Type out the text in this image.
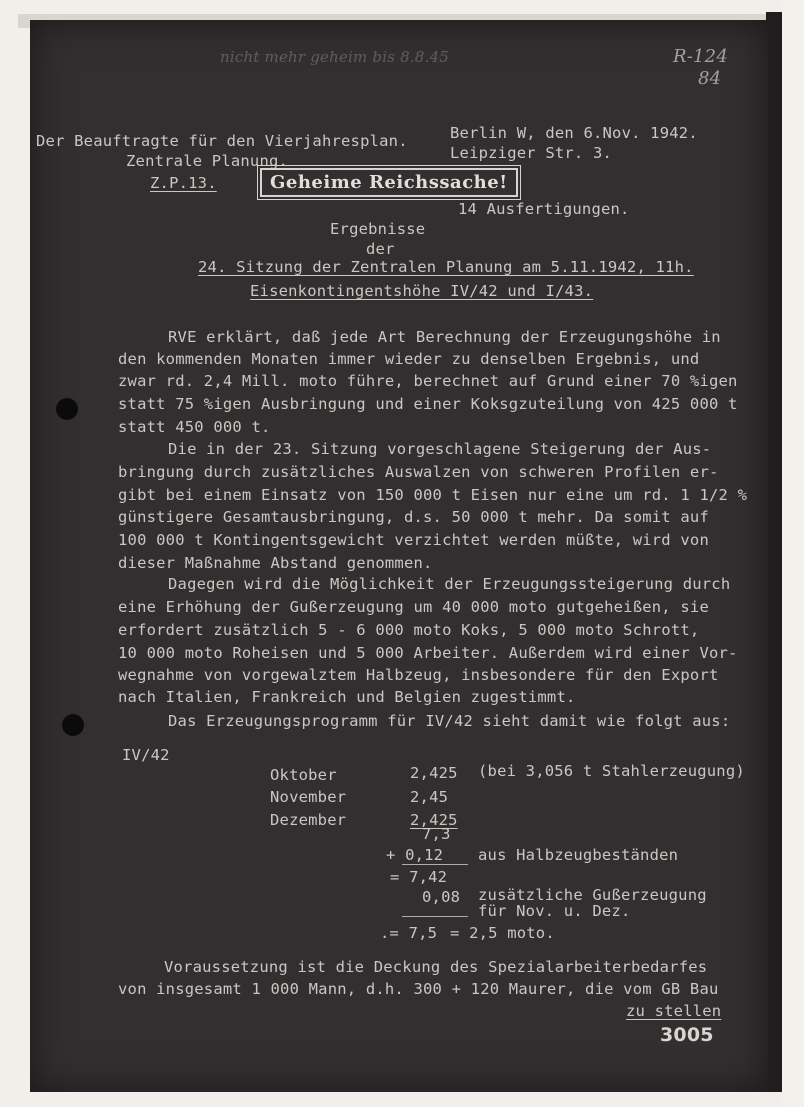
nicht mehr geheim bis 8.8.45	R-124
84
Der Beauftragte für den Vierjahresplan.
Zentrale Planung.
Z.P.13.
Berlin W, den 6.Nov. 1942.
Leipziger Str. 3.
Geheime Reichssache!
14 Ausfertigungen.
Ergebnisse
der
24. Sitzung der Zentralen Planung am 5.11.1942, 11h.
Eisenkontingentshöhe IV/42 und I/43.
RVE erklärt, daß jede Art Berechnung der Erzeugungshöhe in
den kommenden Monaten immer wieder zu denselben Ergebnis, und
zwar rd. 2,4 Mill. moto führe, berechnet auf Grund einer 70 %igen
statt 75 %igen Ausbringung und einer Koksgzuteilung von 425 000 t
statt 450 000 t.
Die in der 23. Sitzung vorgeschlagene Steigerung der Aus-
bringung durch zusätzliches Auswalzen von schweren Profilen er-
gibt bei einem Einsatz von 150 000 t Eisen nur eine um rd. 1 1/2 %
günstigere Gesamtausbringung, d.s. 50 000 t mehr. Da somit auf
100 000 t Kontingentsgewicht verzichtet werden müßte, wird von
dieser Maßnahme Abstand genommen.
Dagegen wird die Möglichkeit der Erzeugungssteigerung durch
eine Erhöhung der Gußerzeugung um 40 000 moto gutgeheißen, sie
erfordert zusätzlich 5 - 6 000 moto Koks, 5 000 moto Schrott,
10 000 moto Roheisen und 5 000 Arbeiter. Außerdem wird einer Vor-
wegnahme von vorgewalztem Halbzeug, insbesondere für den Export
nach Italien, Frankreich und Belgien zugestimmt.
Das Erzeugungsprogramm für IV/42 sieht damit wie folgt aus:
IV/42
Oktober	2,425 (bei 3,056 t Stahlerzeugung)
November	2,45
Dezember	2,425
7,3
+ 0,12 aus Halbzeugbeständen
= 7,42
0,08 zusätzliche Gußerzeugung
für Nov. u. Dez.
.= 7,5 = 2,5 moto.
Voraussetzung ist die Deckung des Spezialarbeiterbedarfes
von insgesamt 1 000 Mann, d.h. 300 + 120 Maurer, die vom GB Bau
zu stellen
3005
